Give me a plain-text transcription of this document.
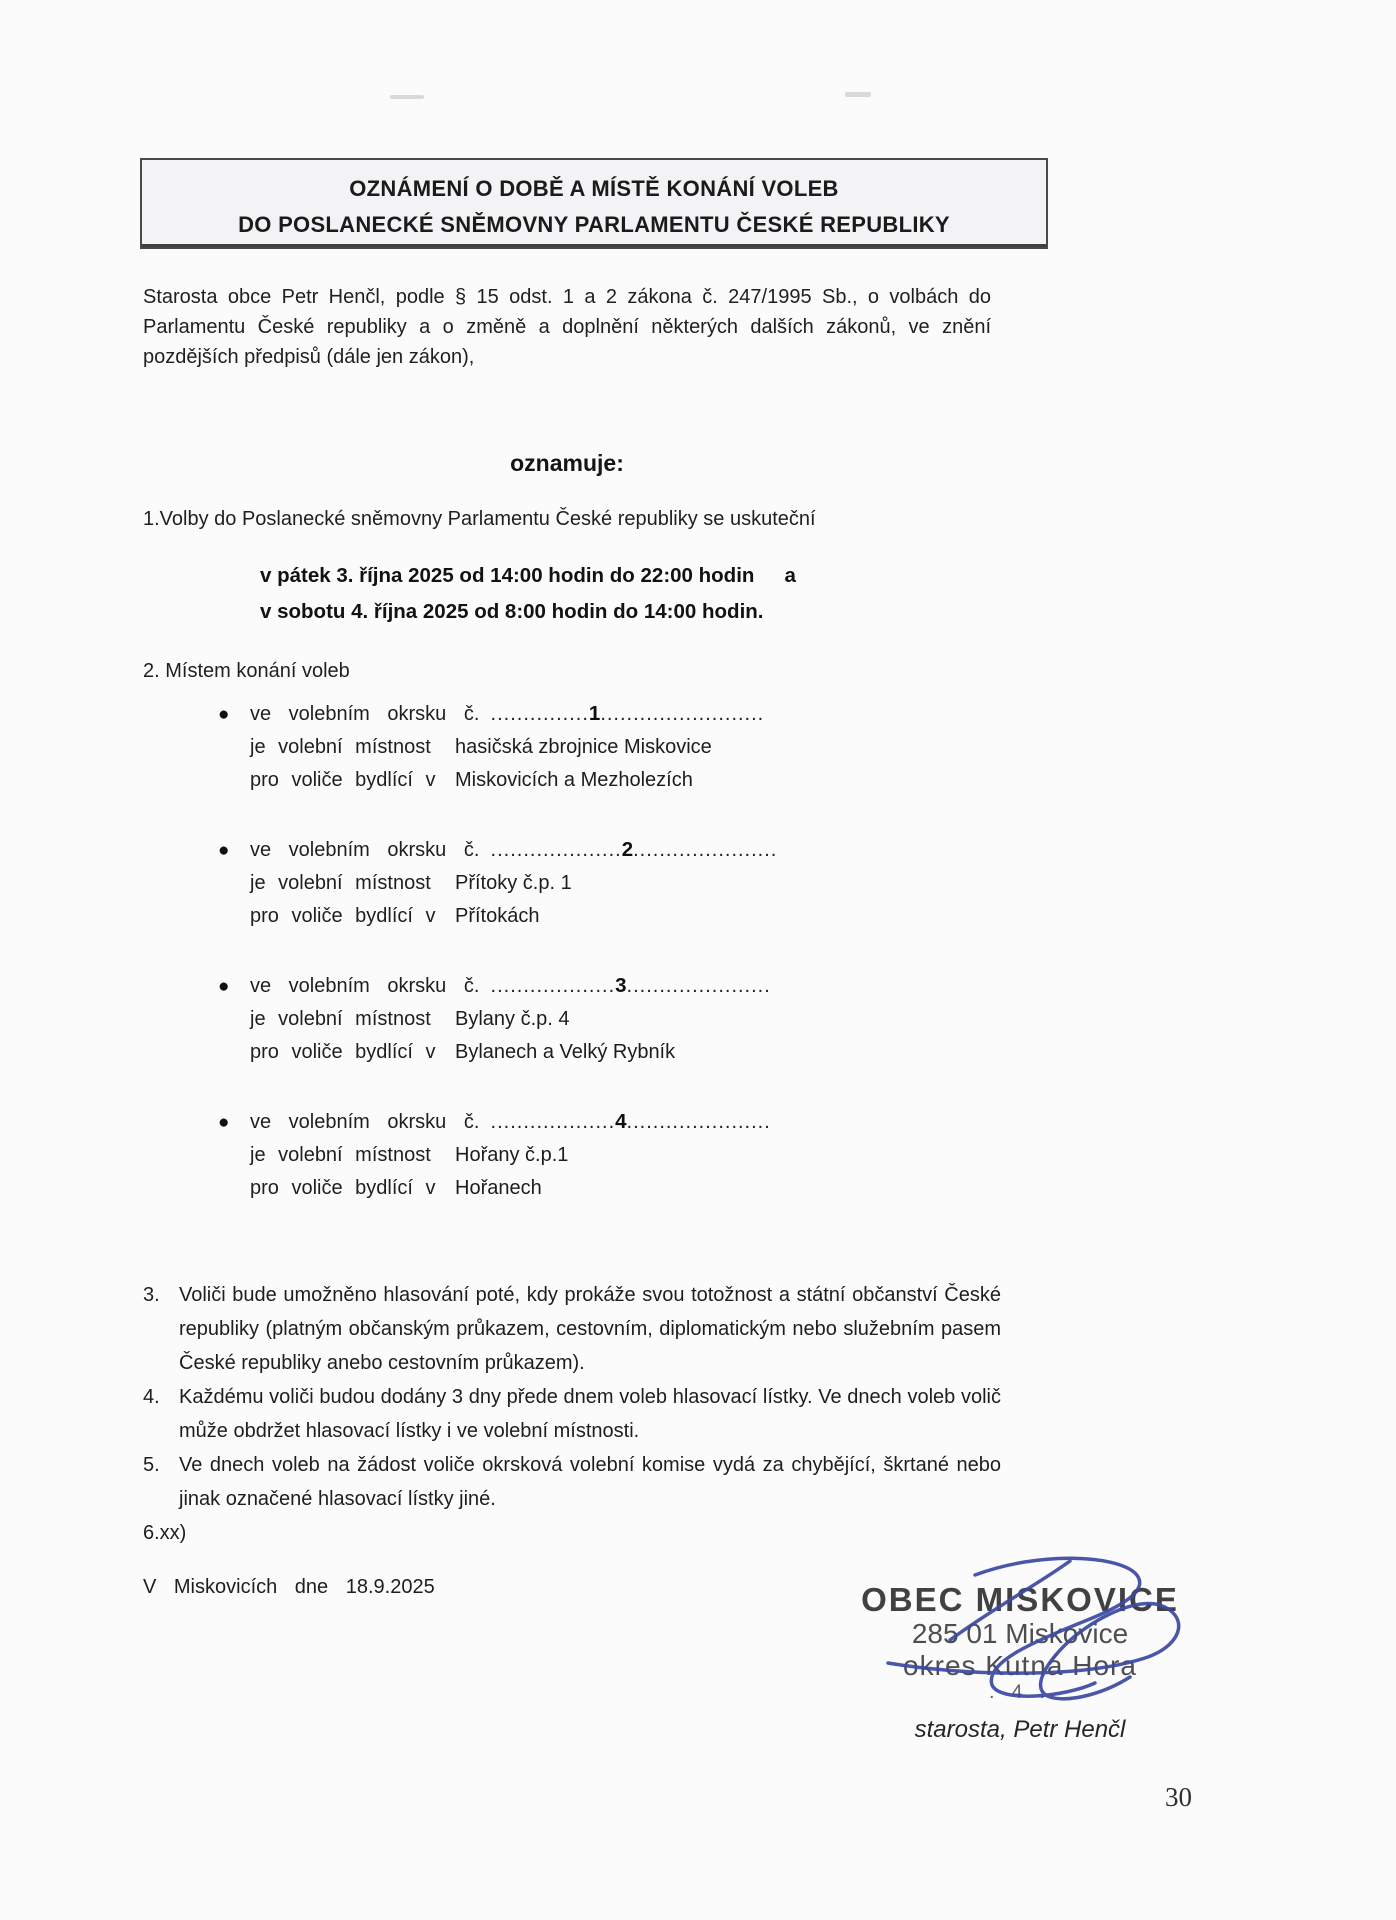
OZNÁMENÍ O DOBĚ A MÍSTĚ KONÁNÍ VOLEB
DO POSLANECKÉ SNĚMOVNY PARLAMENTU ČESKÉ REPUBLIKY
Starosta obce Petr Henčl, podle § 15 odst. 1 a 2 zákona č. 247/1995 Sb., o volbách do Parlamentu České republiky a o změně a doplnění některých dalších zákonů, ve znění pozdějších předpisů (dále jen zákon),
oznamuje:
1.Volby do Poslanecké sněmovny Parlamentu České republiky se uskuteční
v pátek 3. října 2025 od 14:00 hodin do 22:00 hodin a
v sobotu 4. října 2025 od 8:00 hodin do 14:00 hodin.
2. Místem konání voleb
● ve volebním okrsku č. ...............1.........................
je volební místnost hasičská zbrojnice Miskovice
pro voliče bydlící v Miskovicích a Mezholezích
● ve volebním okrsku č. ....................2......................
je volební místnost Přítoky č.p. 1
pro voliče bydlící v Přítokách
● ve volebním okrsku č. ...................3......................
je volební místnost Bylany č.p. 4
pro voliče bydlící v Bylanech a Velký Rybník
● ve volebním okrsku č. ...................4......................
je volební místnost Hořany č.p.1
pro voliče bydlící v Hořanech
3. Voliči bude umožněno hlasování poté, kdy prokáže svou totožnost a státní občanství České republiky (platným občanským průkazem, cestovním, diplomatickým nebo služebním pasem České republiky anebo cestovním průkazem).
4. Každému voliči budou dodány 3 dny přede dnem voleb hlasovací lístky. Ve dnech voleb volič může obdržet hlasovací lístky i ve volební místnosti.
5. Ve dnech voleb na žádost voliče okrsková volební komise vydá za chybějící, škrtané nebo jinak označené hlasovací lístky jiné.
6.xx)
V Miskovicích dne 18.9.2025	OBEC MISKOVICE
285 01 Miskovice
okres Kutná Hora
. 4 .
starosta, Petr Henčl
30
